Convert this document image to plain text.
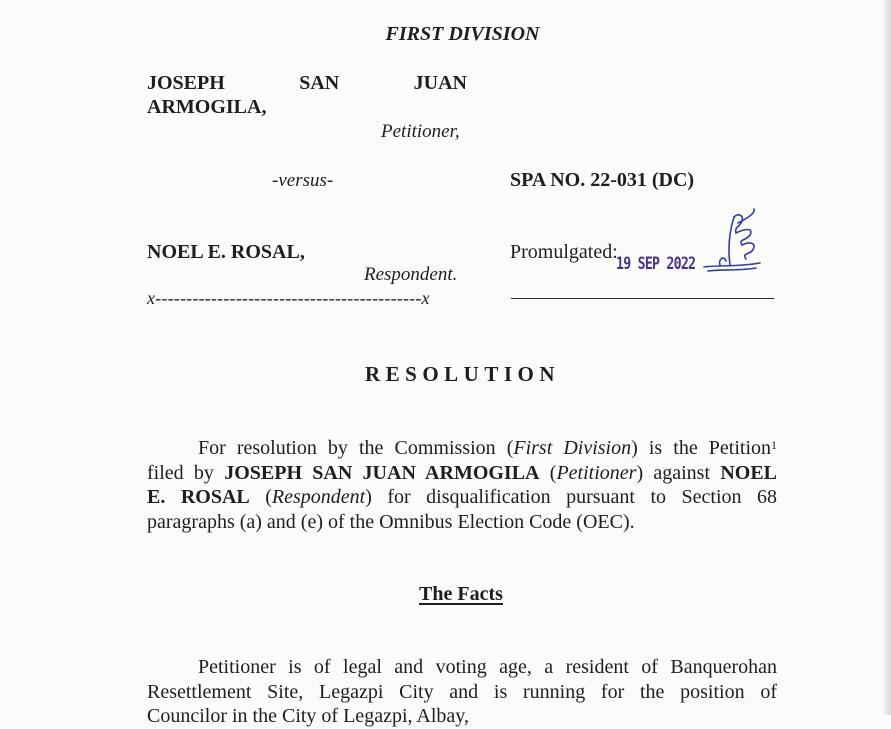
FIRST DIVISION
JOSEPH	SAN	JUAN
ARMOGILA,
Petitioner,
-versus-	SPA NO. 22-031 (DC)
NOEL E. ROSAL,
Respondent.
x-------------------------------------------x
Promulgated:
19 SEP 2022
RESOLUTION
For resolution by the Commission (First Division) is the Petition$^1$
filed by JOSEPH SAN JUAN ARMOGILA (Petitioner) against NOEL
E. ROSAL (Respondent) for disqualification pursuant to Section 68
paragraphs (a) and (e) of the Omnibus Election Code (OEC).
The Facts
Petitioner is of legal and voting age, a resident of Banquerohan
Resettlement Site, Legazpi City and is running for the position of
Councilor in the City of Legazpi, Albay,
